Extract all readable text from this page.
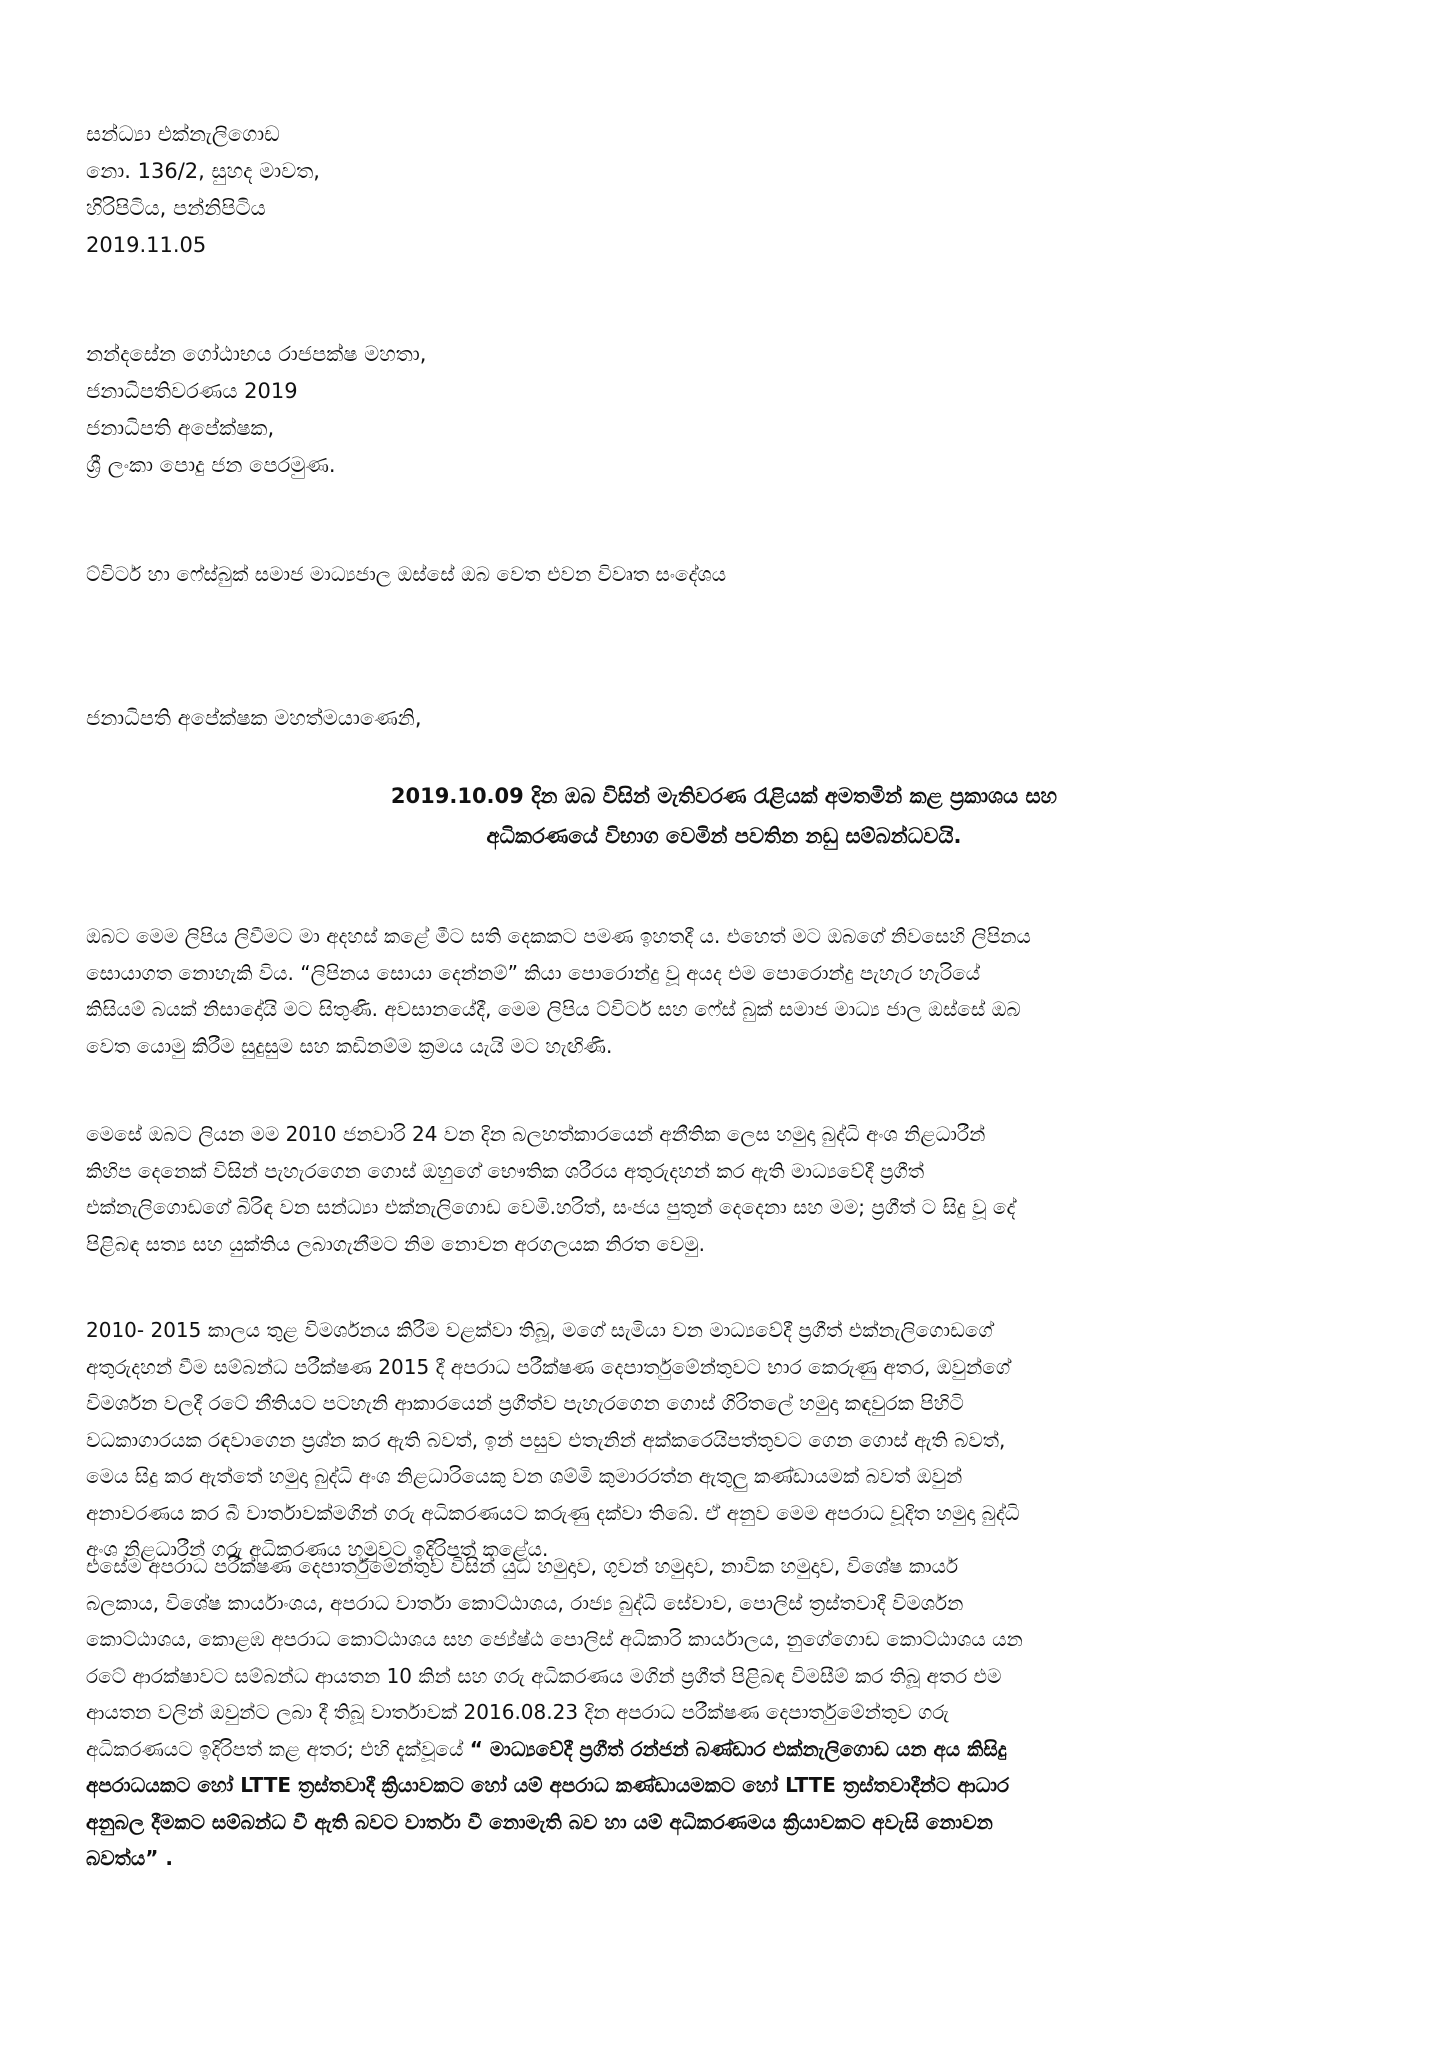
සන්ධ්‍යා එක්නැලිගොඩ
නො. 136/2, සුහද මාවත,
හිරිපිටිය, පන්නිපිටිය
2019.11.05
නන්දසේන ගෝඨාභය රාජපක්ෂ මහතා,
ජනාධිපතිවරණය 2019
ජනාධිපති අපේක්ෂක,
ශ්‍රී ලංකා පොදු ජන පෙරමුණ.
ට්විටර් හා ෆේස්බුක් සමාජ මාධ්‍යජාල ඔස්සේ ඔබ වෙත එවන විවෘත සංදේශය
ජනාධිපති අපේක්ෂක මහත්මයාණෙනි,
2019.10.09 දින ඔබ විසින් මැතිවරණ රැළියක් අමතමින් කළ ප්‍රකාශය සහ
අධිකරණයේ විභාග වෙමින් පවතින නඩු සම්බන්ධවයි.
ඔබට මෙම ලිපිය ලිවීමට මා අදහස් කළේ මීට සති දෙකකට පමණ ඉහතදී ය. එහෙත් මට ඔබගේ නිවසෙහි ලිපිනය
සොයාගත නොහැකි විය. “ලිපිනය සොයා දෙන්නම්” කියා පොරොන්දු වූ අයද එම පොරොන්දු පැහැර හැරියේ
කිසියම් බයක් නිසාදෝයි මට සිතුණි. අවසානයේදී, මෙම ලිපිය ට්විටර් සහ ෆේස් බුක් සමාජ මාධ්‍ය ජාල ඔස්සේ ඔබ
වෙත යොමු කිරීම සුදුසුම සහ කඩිනම්ම ක්‍රමය යැයි මට හැඟිණි.
මෙසේ ඔබට ලියන මම 2010 ජනවාරි 24 වන දින බලහත්කාරයෙන් අනීතික ලෙස හමුදා බුද්ධි අංශ නිළධාරීන්
කිහිප දෙනෙක් විසින් පැහැරගෙන ගොස් ඔහුගේ භෞතික ශරීරය අතුරුදහන් කර ඇති මාධ්‍යවේදී ප්‍රගීත්
එක්නැලිගොඩගේ බිරිඳ වන සන්ධ්‍යා එක්නැලිගොඩ වෙමි.හරිත්, සංජය පුතුන් දෙදෙනා සහ මම; ප්‍රගීත් ට සිදු වූ දේ
පිළිබඳ සත්‍ය සහ යුක්තිය ලබාගැනීමට නිම නොවන අරගලයක නිරත වෙමු.
2010- 2015 කාලය තුළ විමර්ශනය කිරීම වළක්වා තිබූ, මගේ සැමියා වන මාධ්‍යවේදී ප්‍රගීත් එක්නැලිගොඩගේ
අතුරුදහන් වීම සම්බන්ධ පරීක්ෂණ 2015 දී අපරාධ පරීක්ෂණ දෙපාර්තුමේන්තුවට භාර කෙරුණු අතර, ඔවුන්ගේ
විමර්ශන වලදී රටේ නීතියට පටහැනි ආකාරයෙන් ප්‍රගීත්ව පැහැරගෙන ගොස් ගිරිතලේ හමුදා කඳවුරක පිහිටි
වධකාගාරයක රඳවාගෙන ප්‍රශ්න කර ඇති බවත්, ඉන් පසුව එතැනින් අක්කරෙයිපත්තුවට ගෙන ගොස් ඇති බවත්,
මෙය සිදු කර ඇත්තේ හමුදා බුද්ධි අංශ නිළධාරියෙකු වන ශම්මි කුමාරරත්න ඇතුලු කණ්ඩායමක් බවත් ඔවුන්
අනාවරණය කර බී වාර්තාවක්මගින් ගරු අධිකරණයට කරුණු දක්වා තිබේ. ඒ අනුව මෙම අපරාධ චූදිත හමුදා බුද්ධි
අංශ නිළධාරීන් ගරු අධිකරණය හමුවට ඉදිරිපත් කළේය.
එසේම අපරාධ පරීක්ෂණ දෙපාර්තුමේන්තුව විසින් යුධ හමුදාව, ගුවන් හමුදාව, නාවික හමුදාව, විශේෂ කාර්ය
බලකාය, විශේෂ කාර්යාංශය, අපරාධ වාර්තා කොට්ඨාශය, රාජ්‍ය බුද්ධි සේවාව, පොලිස් ත්‍රස්තවාදී විමර්ශන
කොට්ඨාශය, කොළඹ අපරාධ කොට්ඨාශය සහ ජ්‍යේෂ්ඨ පොලිස් අධිකාරි කාර්යාලය, නුගේගොඩ කොට්ඨාශය යන
රටේ ආරක්ෂාවට සම්බන්ධ ආයතන 10 කින් සහ ගරු අධිකරණය මගින් ප්‍රගීත් පිළිබඳ විමසීම් කර තිබූ අතර එම
ආයතන වලින් ඔවුන්ට ලබා දී තිබූ වාර්තාවක් 2016.08.23 දින අපරාධ පරීක්ෂණ දෙපාර්තුමේන්තුව ගරු
අධිකරණයට ඉදිරිපත් කළ අතර; එහි දැක්වූයේ “ මාධ්‍යවේදී ප්‍රගීත් රන්ජන් බණ්ඩාර එක්නැලිගොඩ යන අය කිසිදු
අපරාධයකට හෝ LTTE ත්‍රස්තවාදී ක්‍රියාවකට හෝ යම් අපරාධ කණ්ඩායමකට හෝ LTTE ත්‍රස්තවාදීන්ට ආධාර
අනුබල දීමකට සම්බන්ධ වී ඇති බවට වාර්තා වී නොමැති බව හා යම් අධිකරණමය ක්‍රියාවකට අවැසි නොවන
බවත්ය” .
